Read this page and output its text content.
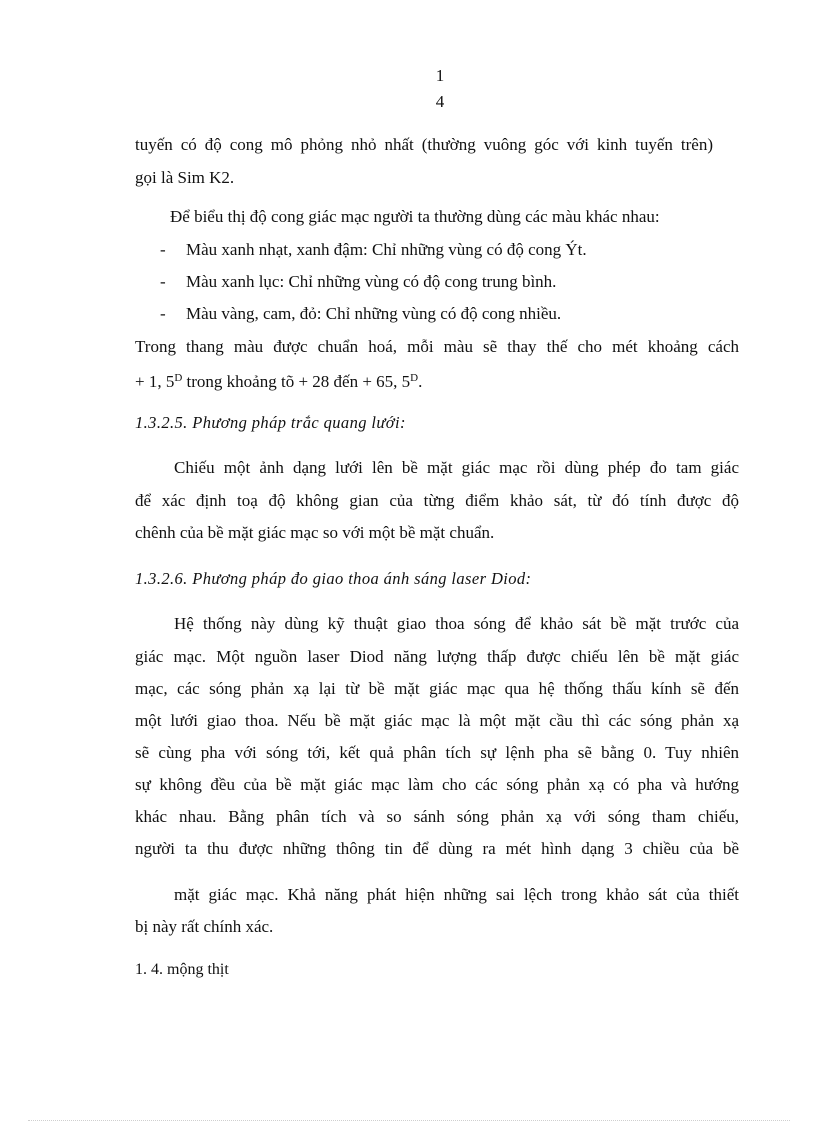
1
4
tuyến có độ cong mô phỏng nhỏ nhất (thường vuông góc với kinh tuyến trên)
gọi là Sim K2.
Để biểu thị độ cong giác mạc người ta thường dùng các màu khác nhau:
- Màu xanh nhạt, xanh đậm: Chỉ những vùng có độ cong Ýt.
- Màu xanh lục: Chỉ những vùng có độ cong trung bình.
- Màu vàng, cam, đỏ: Chỉ những vùng có độ cong nhiều.
Trong thang màu được chuẩn hoá, mỗi màu sẽ thay thế cho mét khoảng cách
+ 1, $5^D$ trong khoảng tõ + 28 đến + 65, $5^D$.
1.3.2.5. Phương pháp trắc quang lưới:
Chiếu một ảnh dạng lưới lên bề mặt giác mạc rồi dùng phép đo tam giác
để xác định toạ độ không gian của từng điểm khảo sát, từ đó tính được độ
chênh của bề mặt giác mạc so với một bề mặt chuẩn.
1.3.2.6. Phương pháp đo giao thoa ánh sáng laser Diod:
Hệ thống này dùng kỹ thuật giao thoa sóng để khảo sát bề mặt trước của
giác mạc. Một nguồn laser Diod năng lượng thấp được chiếu lên bề mặt giác
mạc, các sóng phản xạ lại từ bề mặt giác mạc qua hệ thống thấu kính sẽ đến
một lưới giao thoa. Nếu bề mặt giác mạc là một mặt cầu thì các sóng phản xạ
sẽ cùng pha với sóng tới, kết quả phân tích sự lệnh pha sẽ bằng 0. Tuy nhiên
sự không đều của bề mặt giác mạc làm cho các sóng phản xạ có pha và hướng
khác nhau. Bằng phân tích và so sánh sóng phản xạ với sóng tham chiếu,
người ta thu được những thông tin để dùng ra mét hình dạng 3 chiều của bề
mặt giác mạc. Khả năng phát hiện những sai lệch trong khảo sát của thiết
bị này rất chính xác.
1. 4. mộng thịt
